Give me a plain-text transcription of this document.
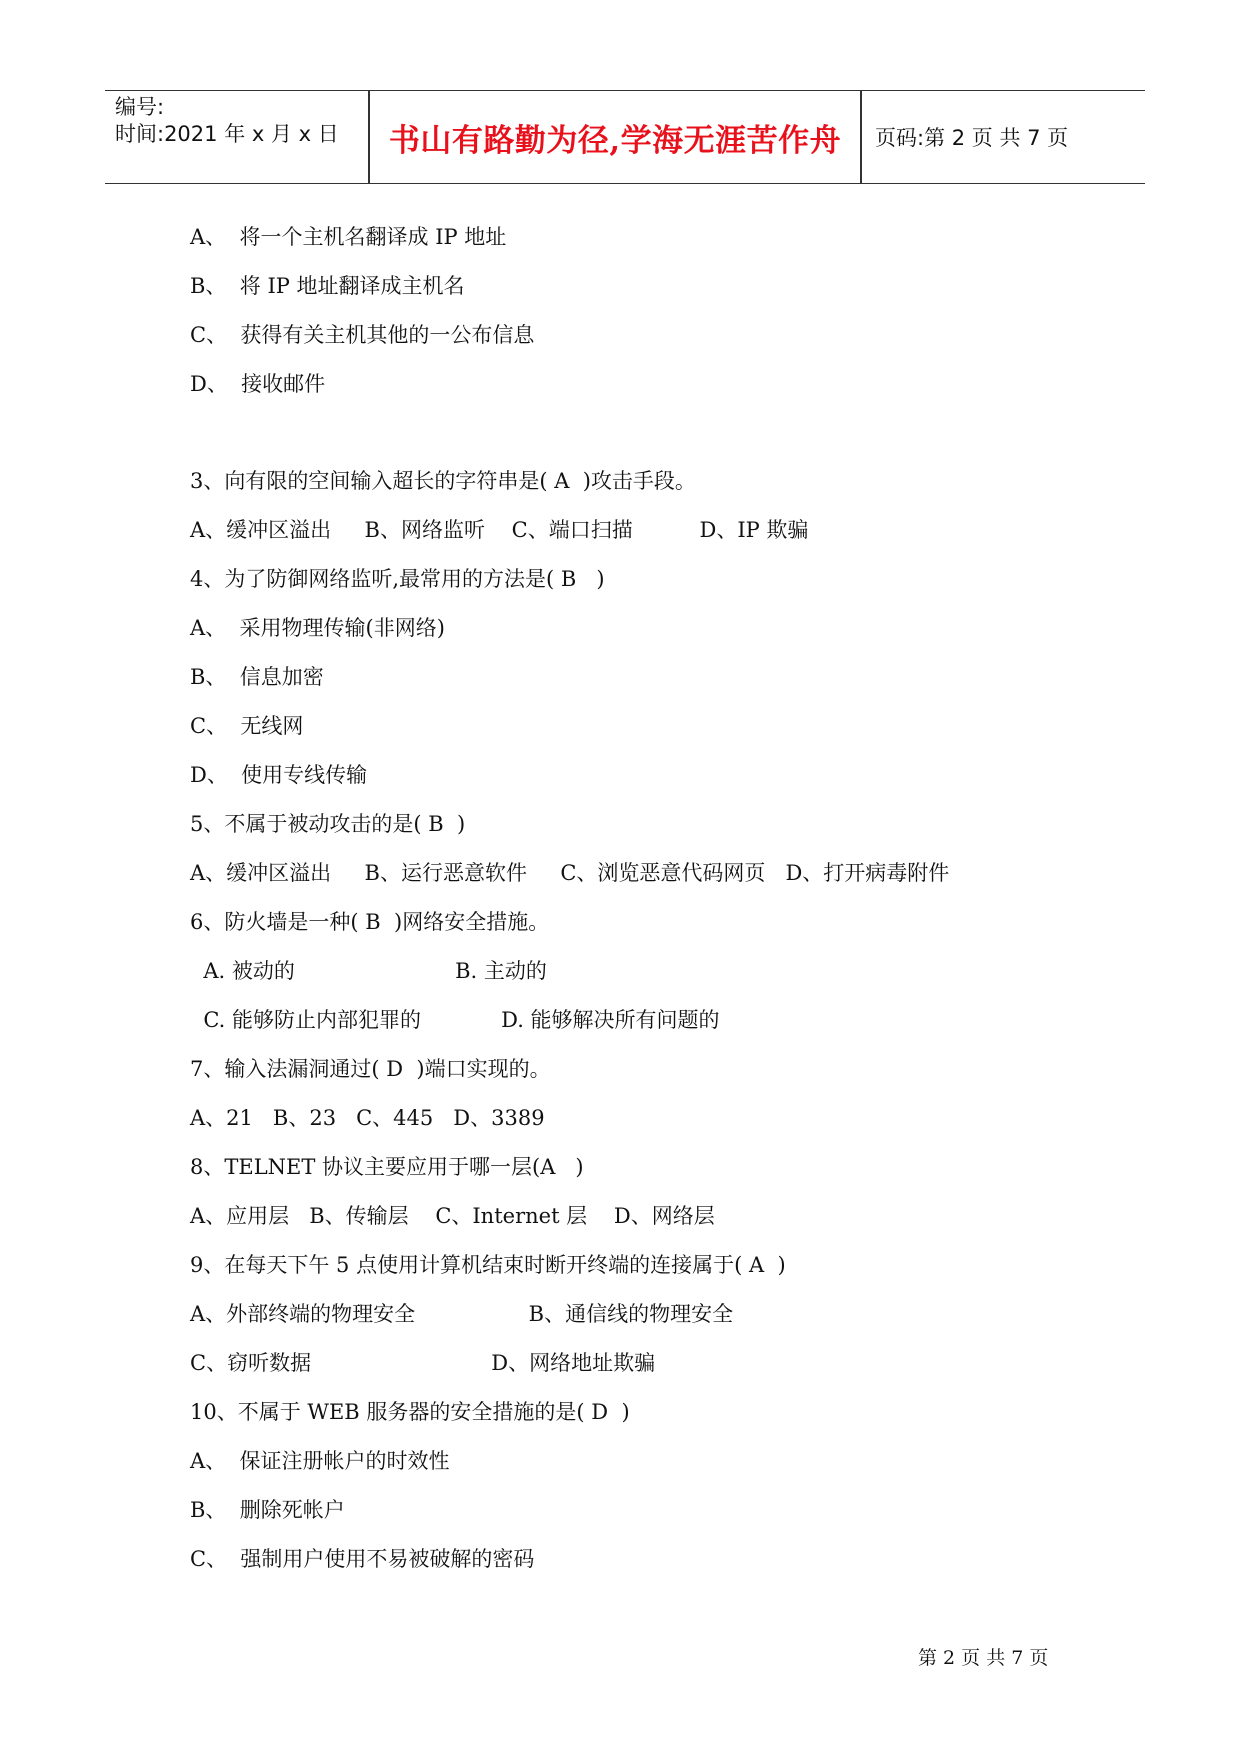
编号:
时间:2021 年 x 月 x 日	书山有路勤为径,学海无涯苦作舟	页码:第 2 页 共 7 页
A、  将一个主机名翻译成 IP 地址
B、  将 IP 地址翻译成主机名
C、  获得有关主机其他的一公布信息
D、  接收邮件
3、向有限的空间输入超长的字符串是( A  )攻击手段。
A、缓冲区溢出     B、网络监听    C、端口扫描          D、IP 欺骗
4、为了防御网络监听,最常用的方法是( B   )
A、  采用物理传输(非网络)
B、  信息加密
C、  无线网
D、  使用专线传输
5、不属于被动攻击的是( B  )
A、缓冲区溢出     B、运行恶意软件     C、浏览恶意代码网页   D、打开病毒附件
6、防火墙是一种( B  )网络安全措施。
A. 被动的                        B. 主动的
C. 能够防止内部犯罪的            D. 能够解决所有问题的
7、输入法漏洞通过( D  )端口实现的。
A、21   B、23   C、445   D、3389
8、TELNET 协议主要应用于哪一层(A   )
A、应用层   B、传输层    C、Internet 层    D、网络层
9、在每天下午 5 点使用计算机结束时断开终端的连接属于( A  )
A、外部终端的物理安全                 B、通信线的物理安全
C、窃听数据                           D、网络地址欺骗
10、不属于 WEB 服务器的安全措施的是( D  )
A、  保证注册帐户的时效性
B、  删除死帐户
C、  强制用户使用不易被破解的密码
第 2 页 共 7 页
